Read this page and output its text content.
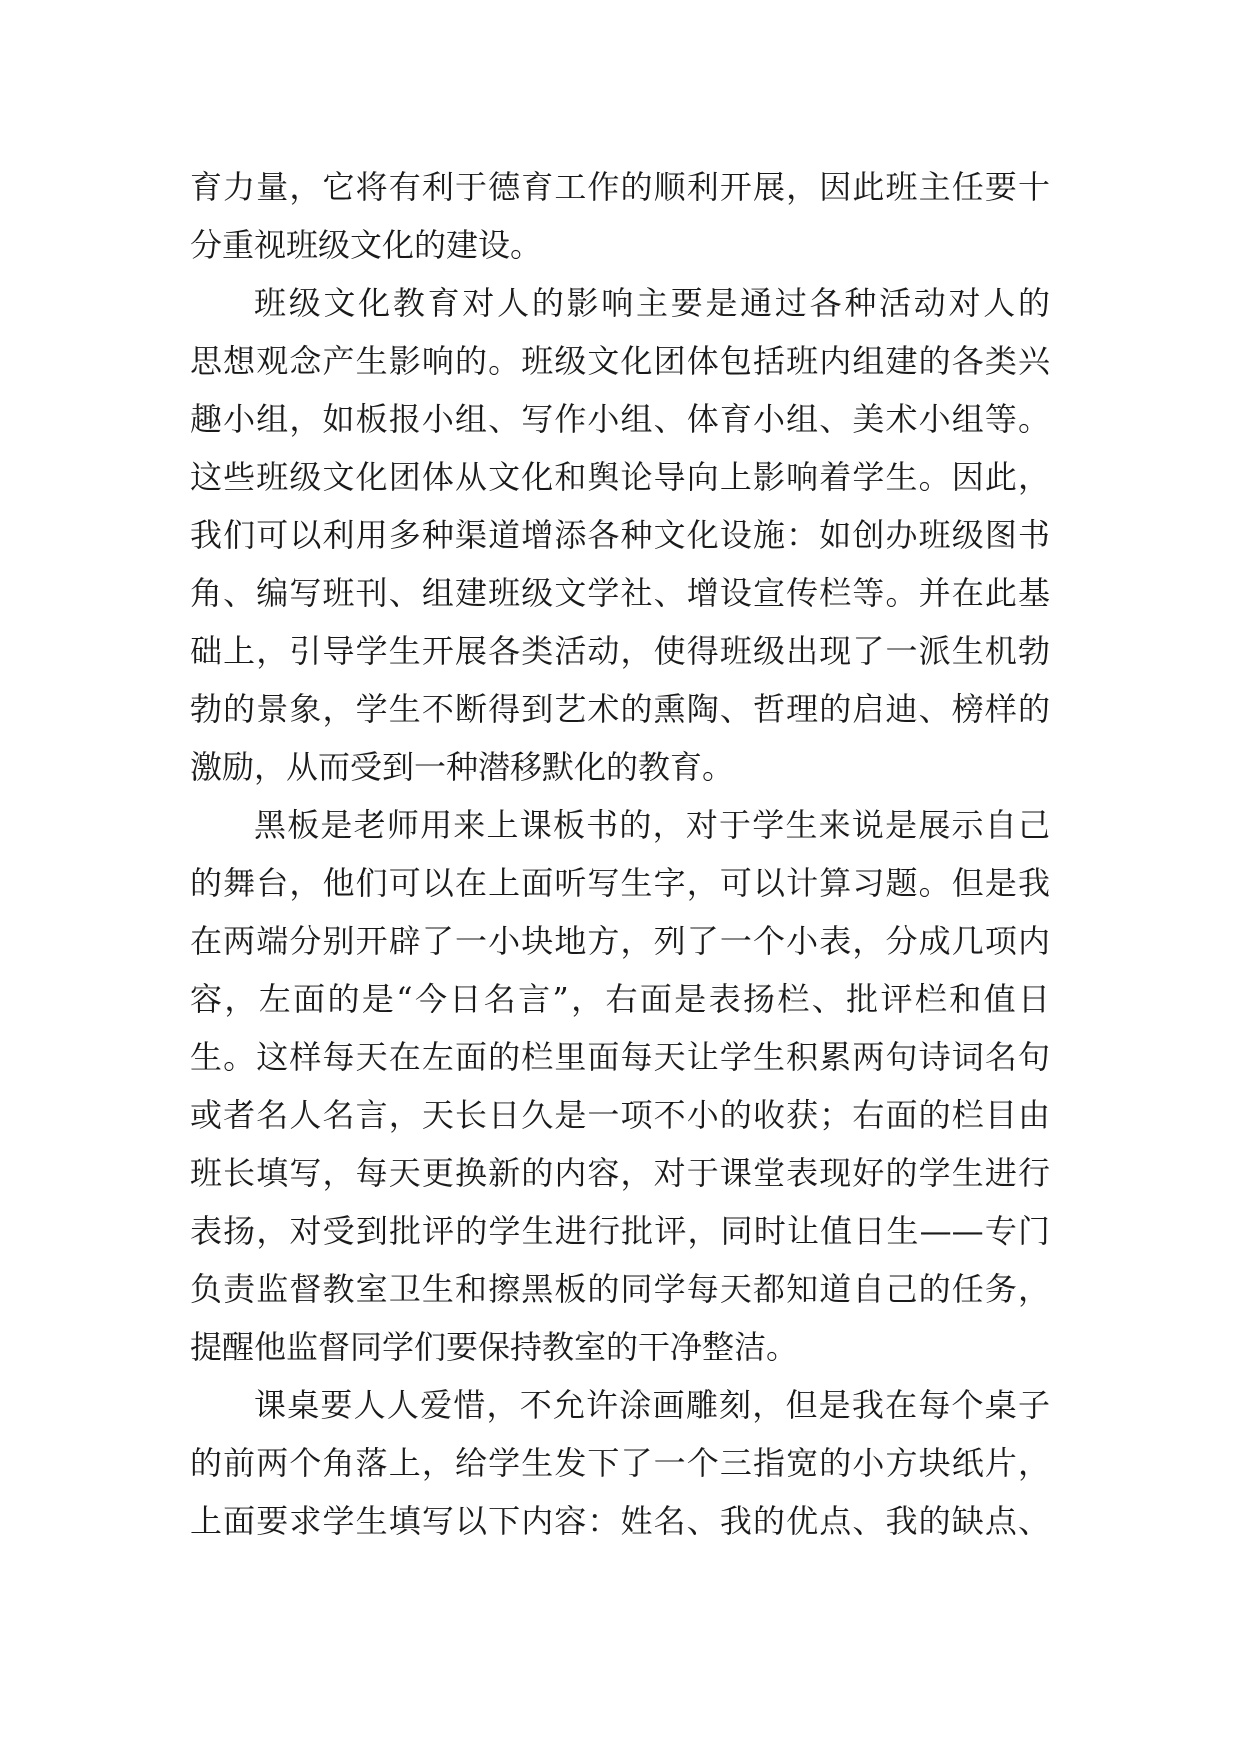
育力量，它将有利于德育工作的顺利开展，因此班主任要十
分重视班级文化的建设。
班级文化教育对人的影响主要是通过各种活动对人的
思想观念产生影响的。班级文化团体包括班内组建的各类兴
趣小组，如板报小组、写作小组、体育小组、美术小组等。
这些班级文化团体从文化和舆论导向上影响着学生。因此，
我们可以利用多种渠道增添各种文化设施：如创办班级图书
角、编写班刊、组建班级文学社、增设宣传栏等。并在此基
础上，引导学生开展各类活动，使得班级出现了一派生机勃
勃的景象，学生不断得到艺术的熏陶、哲理的启迪、榜样的
激励，从而受到一种潜移默化的教育。
黑板是老师用来上课板书的，对于学生来说是展示自己
的舞台，他们可以在上面听写生字，可以计算习题。但是我
在两端分别开辟了一小块地方，列了一个小表，分成几项内
容，左面的是“今日名言”，右面是表扬栏、批评栏和值日
生。这样每天在左面的栏里面每天让学生积累两句诗词名句
或者名人名言，天长日久是一项不小的收获；右面的栏目由
班长填写，每天更换新的内容，对于课堂表现好的学生进行
表扬，对受到批评的学生进行批评，同时让值日生——专门
负责监督教室卫生和擦黑板的同学每天都知道自己的任务，
提醒他监督同学们要保持教室的干净整洁。
课桌要人人爱惜，不允许涂画雕刻，但是我在每个桌子
的前两个角落上，给学生发下了一个三指宽的小方块纸片，
上面要求学生填写以下内容：姓名、我的优点、我的缺点、
